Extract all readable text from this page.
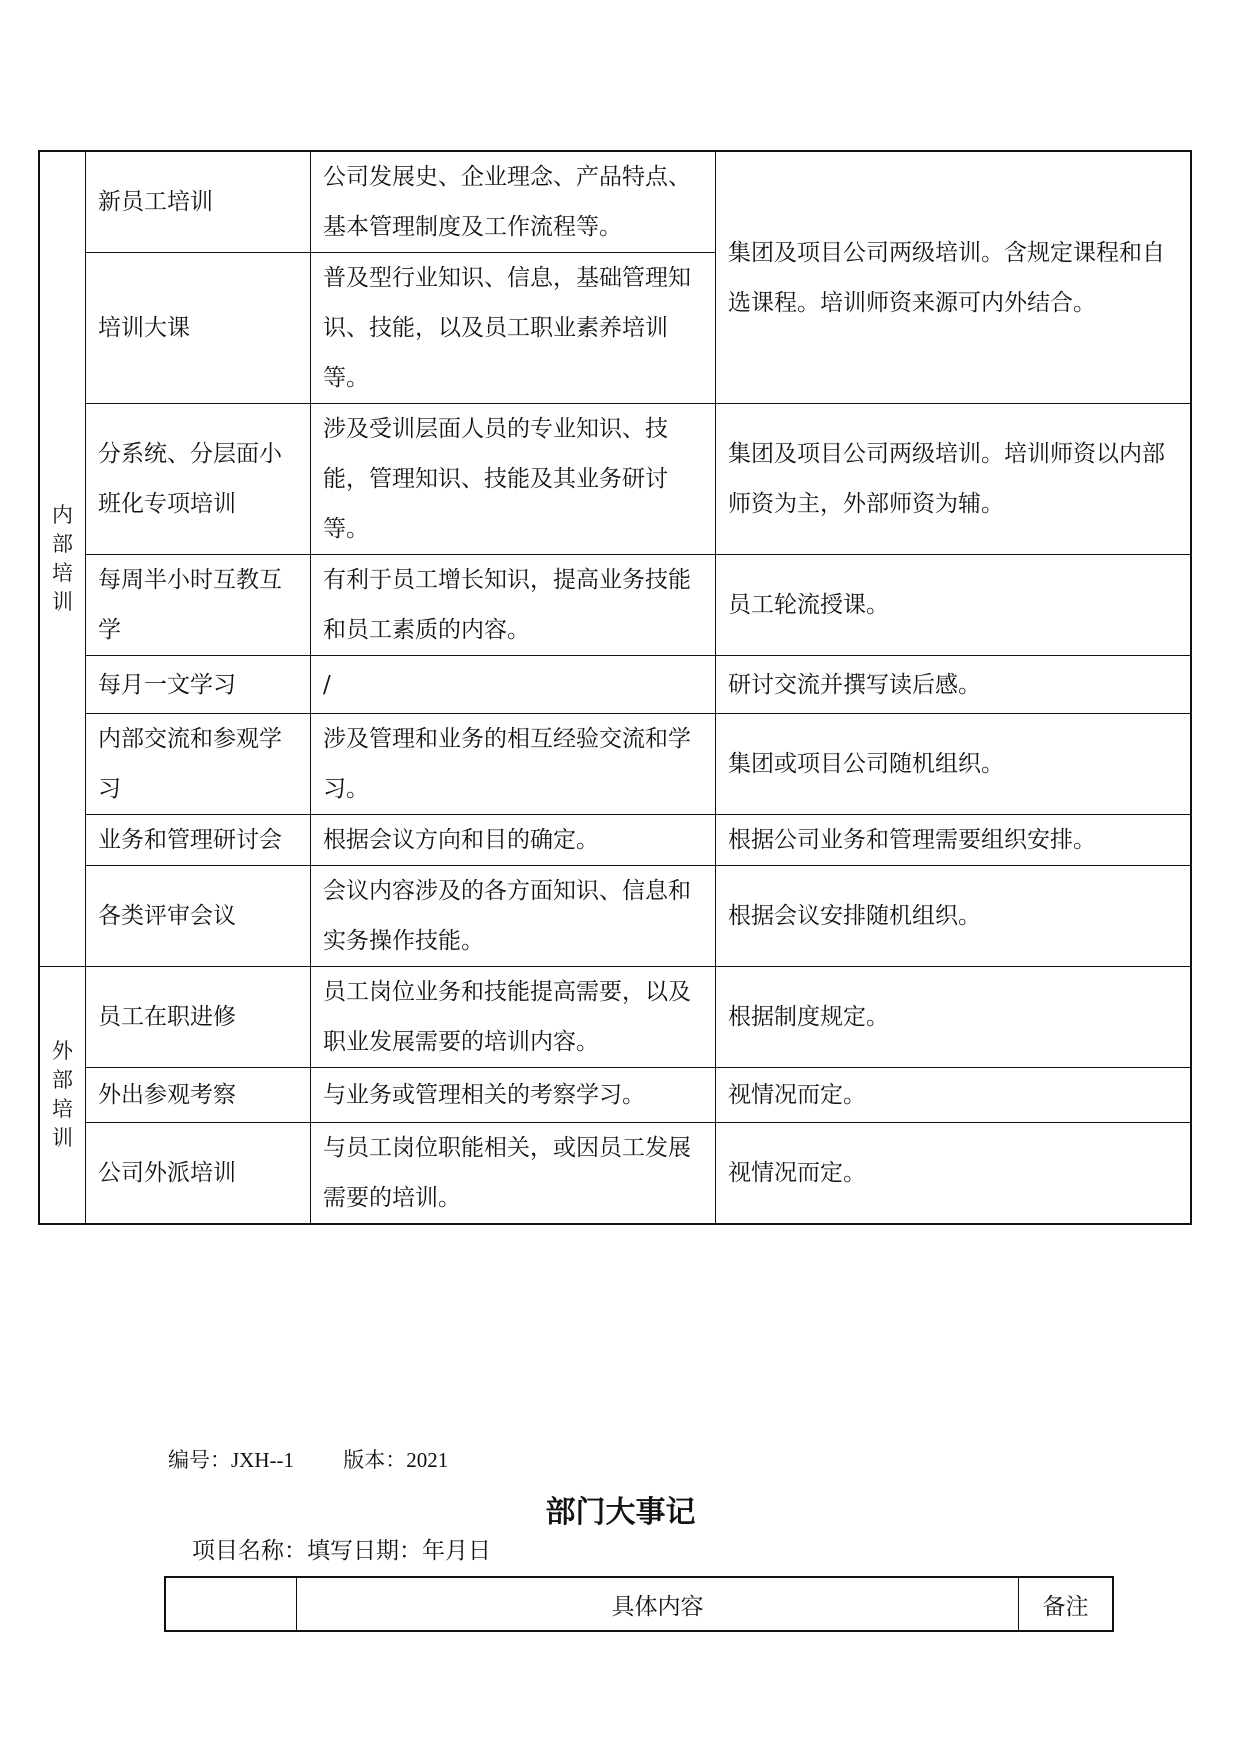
内
部
培
训	新员工培训	公司发展史、企业理念、产品特点、基本管理制度及工作流程等。	集团及项目公司两级培训。含规定课程和自选课程。培训师资来源可内外结合。
	培训大课	普及型行业知识、信息，基础管理知识、技能，以及员工职业素养培训等。	
	分系统、分层面小班化专项培训	涉及受训层面人员的专业知识、技能，管理知识、技能及其业务研讨等。	集团及项目公司两级培训。培训师资以内部师资为主，外部师资为辅。
	每周半小时互教互学	有利于员工增长知识，提高业务技能和员工素质的内容。	员工轮流授课。
	每月一文学习	/	研讨交流并撰写读后感。
	内部交流和参观学习	涉及管理和业务的相互经验交流和学习。	集团或项目公司随机组织。
	业务和管理研讨会	根据会议方向和目的确定。	根据公司业务和管理需要组织安排。
	各类评审会议	会议内容涉及的各方面知识、信息和实务操作技能。	根据会议安排随机组织。

外
部
培
训	员工在职进修	员工岗位业务和技能提高需要，以及职业发展需要的培训内容。	根据制度规定。
	外出参观考察	与业务或管理相关的考察学习。	视情况而定。
	公司外派培训	与员工岗位职能相关，或因员工发展需要的培训。	视情况而定。
编号：JXH--1 版本：2021
部门大事记
项目名称：填写日期：年月日
	具体内容	备注
